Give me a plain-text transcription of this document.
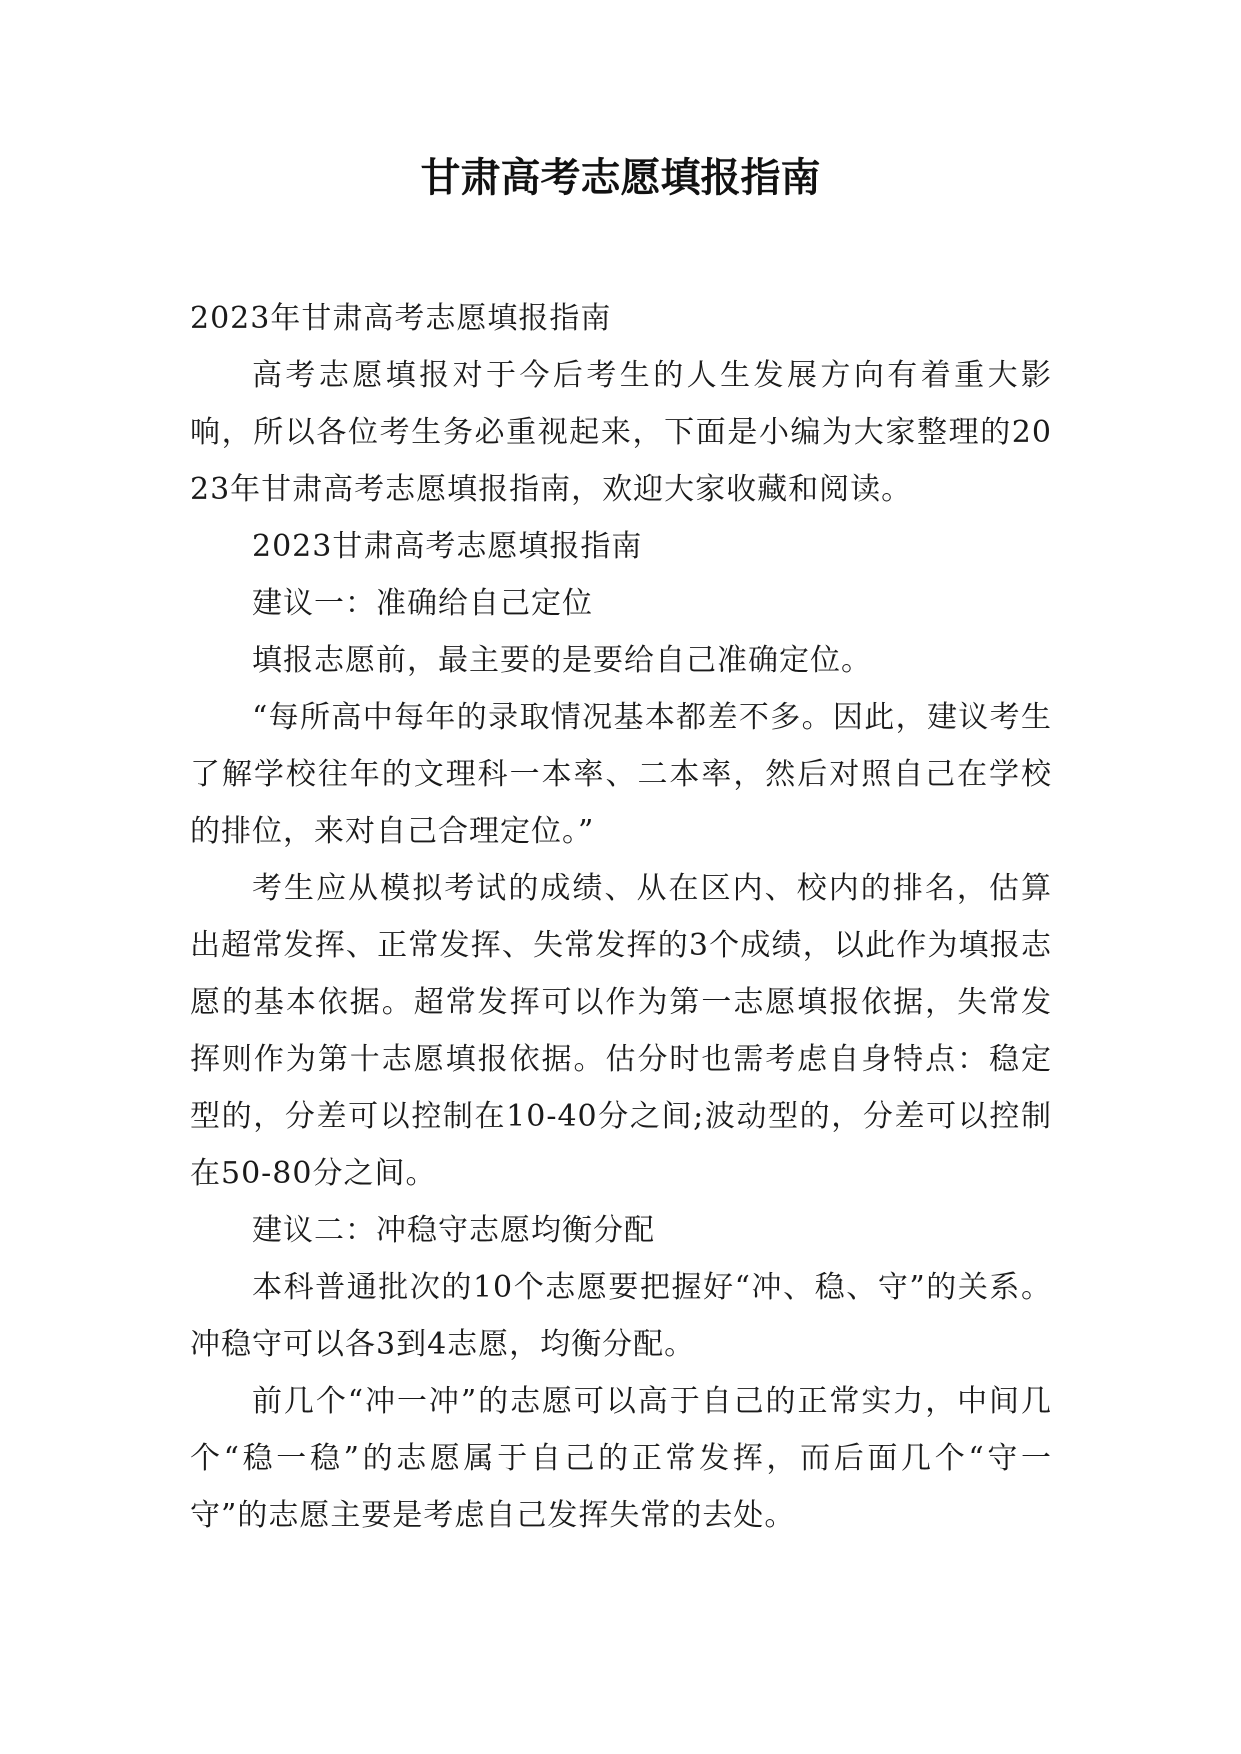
甘肃高考志愿填报指南

2023年甘肃高考志愿填报指南

高考志愿填报对于今后考生的人生发展方向有着重大影响，所以各位考生务必重视起来，下面是小编为大家整理的2023年甘肃高考志愿填报指南，欢迎大家收藏和阅读。

2023甘肃高考志愿填报指南

建议一：准确给自己定位

填报志愿前，最主要的是要给自己准确定位。

“每所高中每年的录取情况基本都差不多。因此，建议考生了解学校往年的文理科一本率、二本率，然后对照自己在学校的排位，来对自己合理定位。”

考生应从模拟考试的成绩、从在区内、校内的排名，估算出超常发挥、正常发挥、失常发挥的3个成绩，以此作为填报志愿的基本依据。超常发挥可以作为第一志愿填报依据，失常发挥则作为第十志愿填报依据。估分时也需考虑自身特点：稳定型的，分差可以控制在10-40分之间;波动型的，分差可以控制在50-80分之间。

建议二：冲稳守志愿均衡分配

本科普通批次的10个志愿要把握好“冲、稳、守”的关系。冲稳守可以各3到4志愿，均衡分配。

前几个“冲一冲”的志愿可以高于自己的正常实力，中间几个“稳一稳”的志愿属于自己的正常发挥，而后面几个“守一守”的志愿主要是考虑自己发挥失常的去处。
